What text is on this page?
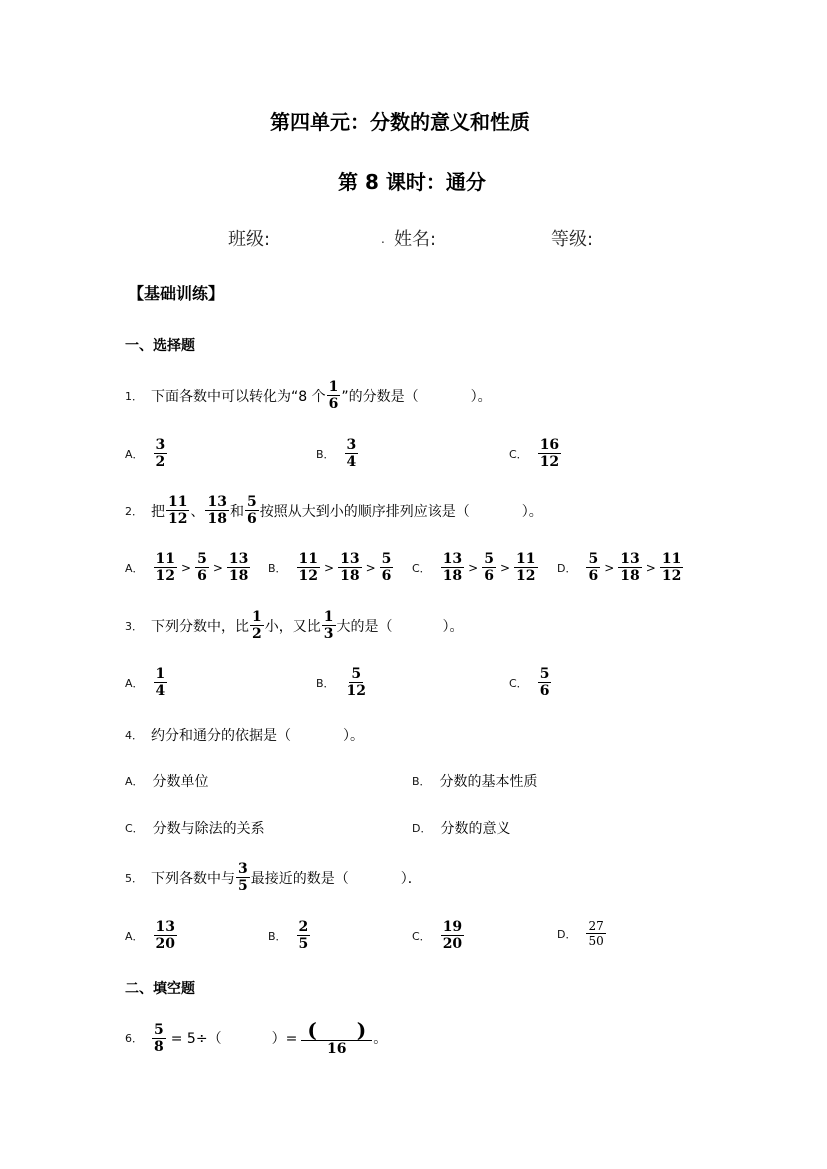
第四单元：分数的意义和性质
第 8 课时：通分
班级:	. 姓名:	等级:
【基础训练】
一、选择题
1． 下面各数中可以转化为“8 个 $\frac{1}{6}$ ”的分数是（	）。
A． $\frac{3}{2}$	B． $\frac{3}{4}$	C． $\frac{16}{12}$
2． 把 $\frac{11}{12}$ 、 $\frac{13}{18}$ 和 $\frac{5}{6}$ 按照从大到小的顺序排列应该是（	）。
A． $\frac{11}{12} > \frac{5}{6} > \frac{13}{18}$ B． $\frac{11}{12} > \frac{13}{18} > \frac{5}{6}$ C． $\frac{13}{18} > \frac{5}{6} > \frac{11}{12}$ D． $\frac{5}{6} > \frac{13}{18} > \frac{11}{12}$
3． 下列分数中，比 $\frac{1}{2}$ 小，又比 $\frac{1}{3}$ 大的是（	）。
A． $\frac{1}{4}$	B． $\frac{5}{12}$	C． $\frac{5}{6}$
4． 约分和通分的依据是（	）。
A． 分数单位	B． 分数的基本性质
C． 分数与除法的关系	D． 分数的意义
5． 下列各数中与 $\frac{3}{5}$ 最接近的数是（	）．
A． $\frac{13}{20}$	B． $\frac{2}{5}$	C． $\frac{19}{20}$	D． $\frac{27}{50}$
二、填空题
6． $\frac{5}{8} = 5\div$（	）= $\frac{( )}{16}$ 。
